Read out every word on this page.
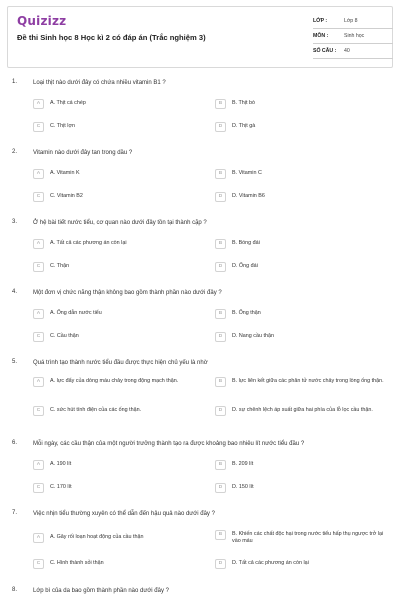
Quizizz
Đề thi Sinh học 8 Học kì 2 có đáp án (Trắc nghiệm 3)
LỚP :	Lớp 8
MÔN :	Sinh học
SỐ CÂU :	40
1.	Loại thịt nào dưới đây có chứa nhiều vitamin B1 ?
A	A. Thịt cá chép	B	B. Thịt bò
C	C. Thịt lợn	D	D. Thịt gà
2.	Vitamin nào dưới đây tan trong dầu ?
A	A. Vitamin K	B	B. Vitamin C
C	C. Vitamin B2	D	D. Vitamin B6
3.	Ở hệ bài tiết nước tiểu, cơ quan nào dưới đây tồn tại thành cặp ?
A	A. Tất cả các phương án còn lại	B	B. Bóng đái
C	C. Thận	D	D. Ống đái
4.	Một đơn vị chức năng thận không bao gồm thành phần nào dưới đây ?
A	A. Ống dẫn nước tiểu	B	B. Ống thận
C	C. Cầu thận	D	D. Nang cầu thận
5.	Quá trình tạo thành nước tiểu đầu được thực hiện chủ yếu là nhờ
A	A. lực đẩy của dòng máu chảy trong động mạch thận.	B	B. lực liên kết giữa các phân tử nước chảy trong lòng ống thận.
C	C. sức hút tính điện của các ống thận.	D	D. sự chênh lệch áp suất giữa hai phía của lỗ lọc cầu thận.
6.	Mỗi ngày, các cầu thận của một người trưởng thành tạo ra được khoảng bao nhiêu lít nước tiểu đầu ?
A	A. 190 lít	B	B. 209 lít
C	C. 170 lít	D	D. 150 lít
7.	Việc nhịn tiểu thường xuyên có thể dẫn đến hậu quả nào dưới đây ?
A	A. Gây rối loạn hoạt động của cầu thận	B	B. Khiến các chất độc hại trong nước tiểu hấp thụ ngược trở lại vào máu
C	C. Hình thành sỏi thận	D	D. Tất cả các phương án còn lại
8.	Lớp bì của da bao gồm thành phần nào dưới đây ?
